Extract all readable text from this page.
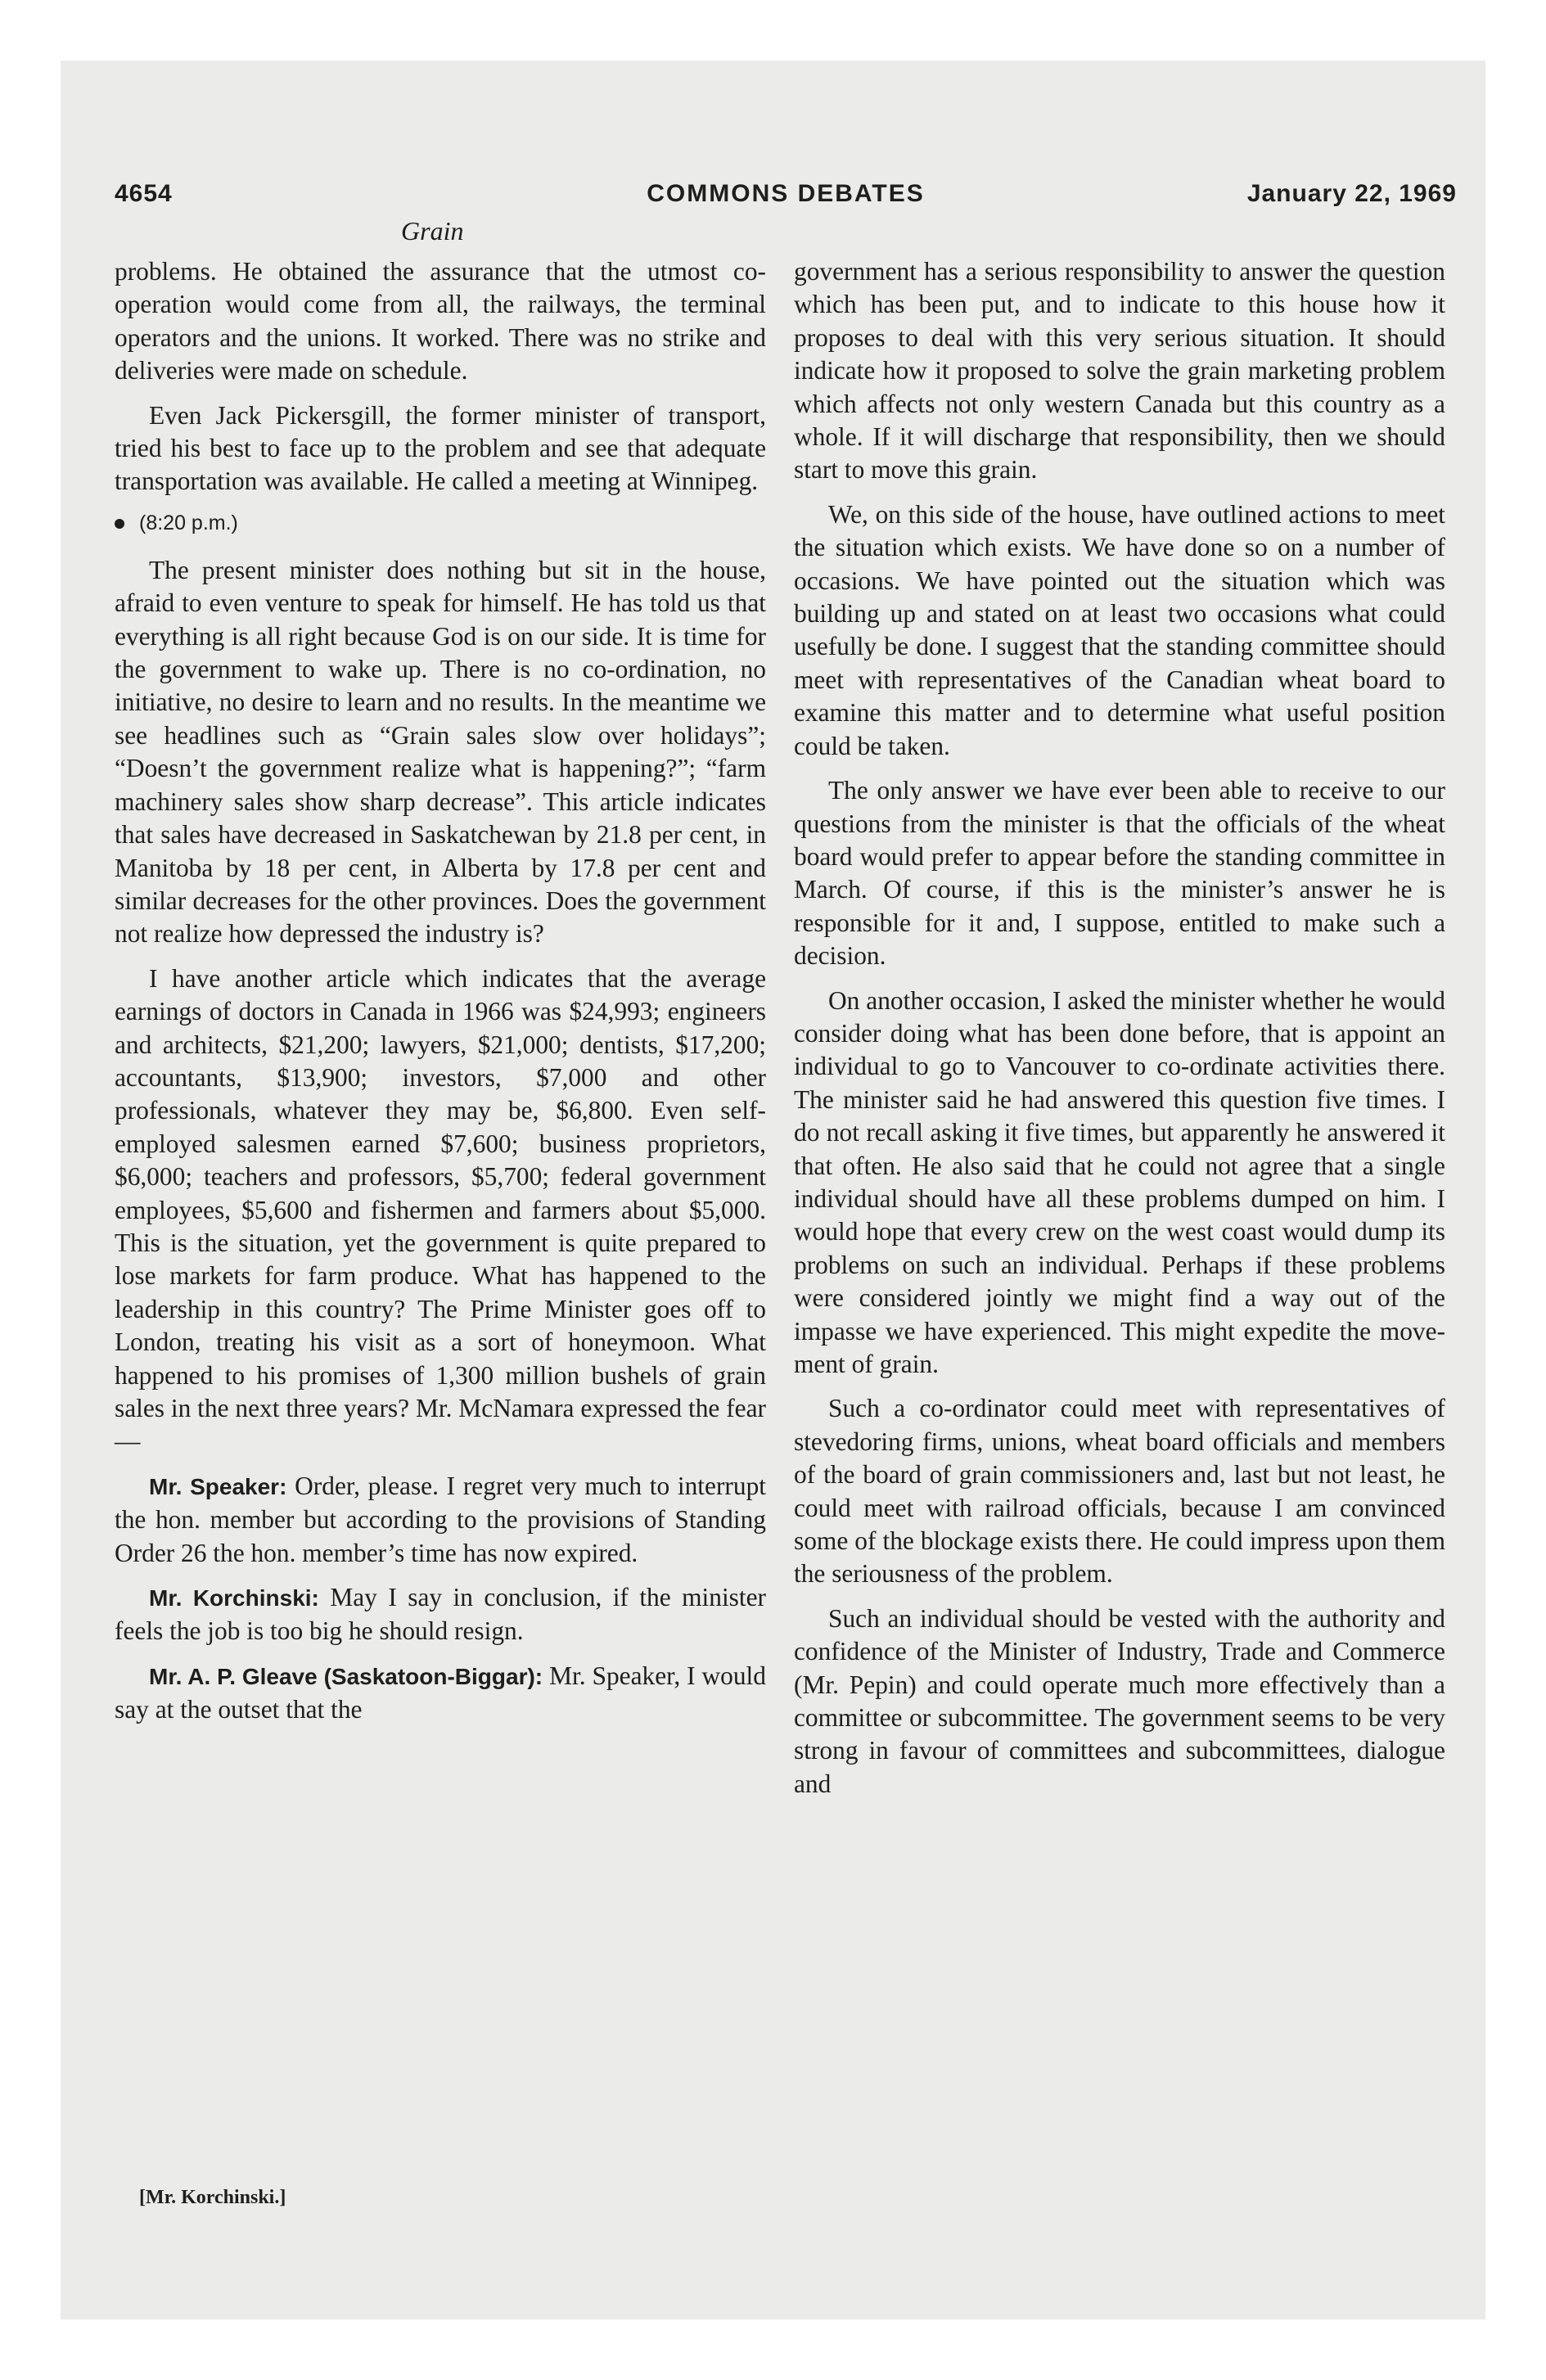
4654	COMMONS DEBATES	January 22, 1969
Grain

problems. He obtained the assurance that the utmost co-operation would come from all, the railways, the terminal operators and the unions. It worked. There was no strike and deliveries were made on schedule.

Even Jack Pickersgill, the former minister of transport, tried his best to face up to the problem and see that adequate transportation was available. He called a meeting at Winnipeg.

(8:20 p.m.)

The present minister does nothing but sit in the house, afraid to even venture to speak for himself. He has told us that everything is all right because God is on our side. It is time for the government to wake up. There is no co-ordination, no initiative, no desire to learn and no results. In the meantime we see headlines such as “Grain sales slow over holidays”; “Doesn’t the government realize what is happening?”; “farm machinery sales show sharp decrease”. This article indicates that sales have decreased in Saskatchewan by 21.8 per cent, in Manitoba by 18 per cent, in Alberta by 17.8 per cent and similar decreases for the other provinces. Does the government not realize how depressed the industry is?

I have another article which indicates that the average earnings of doctors in Canada in 1966 was $24,993; engineers and architects, $21,200; lawyers, $21,000; dentists, $17,200; accountants, $13,900; investors, $7,000 and other professionals, whatever they may be, $6,800. Even self-employed salesmen earned $7,600; business proprietors, $6,000; teachers and professors, $5,700; federal government employees, $5,600 and fishermen and farmers about $5,000. This is the situation, yet the government is quite prepared to lose markets for farm produce. What has happened to the leadership in this country? The Prime Minister goes off to London, treating his visit as a sort of honeymoon. What happened to his promises of 1,300 million bushels of grain sales in the next three years? Mr. McNamara expressed the fear—

Mr. Speaker: Order, please. I regret very much to interrupt the hon. member but according to the provisions of Standing Order 26 the hon. member’s time has now expired.

Mr. Korchinski: May I say in conclusion, if the minister feels the job is too big he should resign.

Mr. A. P. Gleave (Saskatoon-Biggar): Mr. Speaker, I would say at the outset that the

government has a serious responsibility to answer the question which has been put, and to indicate to this house how it proposes to deal with this very serious situation. It should indicate how it proposed to solve the grain marketing problem which affects not only western Canada but this country as a whole. If it will discharge that responsibility, then we should start to move this grain.

We, on this side of the house, have outlined actions to meet the situation which exists. We have done so on a number of occasions. We have pointed out the situation which was building up and stated on at least two occasions what could usefully be done. I suggest that the standing committee should meet with representatives of the Canadian wheat board to examine this matter and to determine what useful position could be taken.

The only answer we have ever been able to receive to our questions from the minister is that the officials of the wheat board would prefer to appear before the standing committee in March. Of course, if this is the minister’s answer he is responsible for it and, I suppose, entitled to make such a decision.

On another occasion, I asked the minister whether he would consider doing what has been done before, that is appoint an individual to go to Vancouver to co-ordinate activities there. The minister said he had answered this question five times. I do not recall asking it five times, but apparently he answered it that often. He also said that he could not agree that a single individual should have all these problems dumped on him. I would hope that every crew on the west coast would dump its problems on such an individual. Perhaps if these problems were considered jointly we might find a way out of the impasse we have experienced. This might expedite the movement of grain.

Such a co-ordinator could meet with representatives of stevedoring firms, unions, wheat board officials and members of the board of grain commissioners and, last but not least, he could meet with railroad officials, because I am convinced some of the blockage exists there. He could impress upon them the seriousness of the problem.

Such an individual should be vested with the authority and confidence of the Minister of Industry, Trade and Commerce (Mr. Pepin) and could operate much more effectively than a committee or subcommittee. The government seems to be very strong in favour of committees and subcommittees, dialogue and

[Mr. Korchinski.]
